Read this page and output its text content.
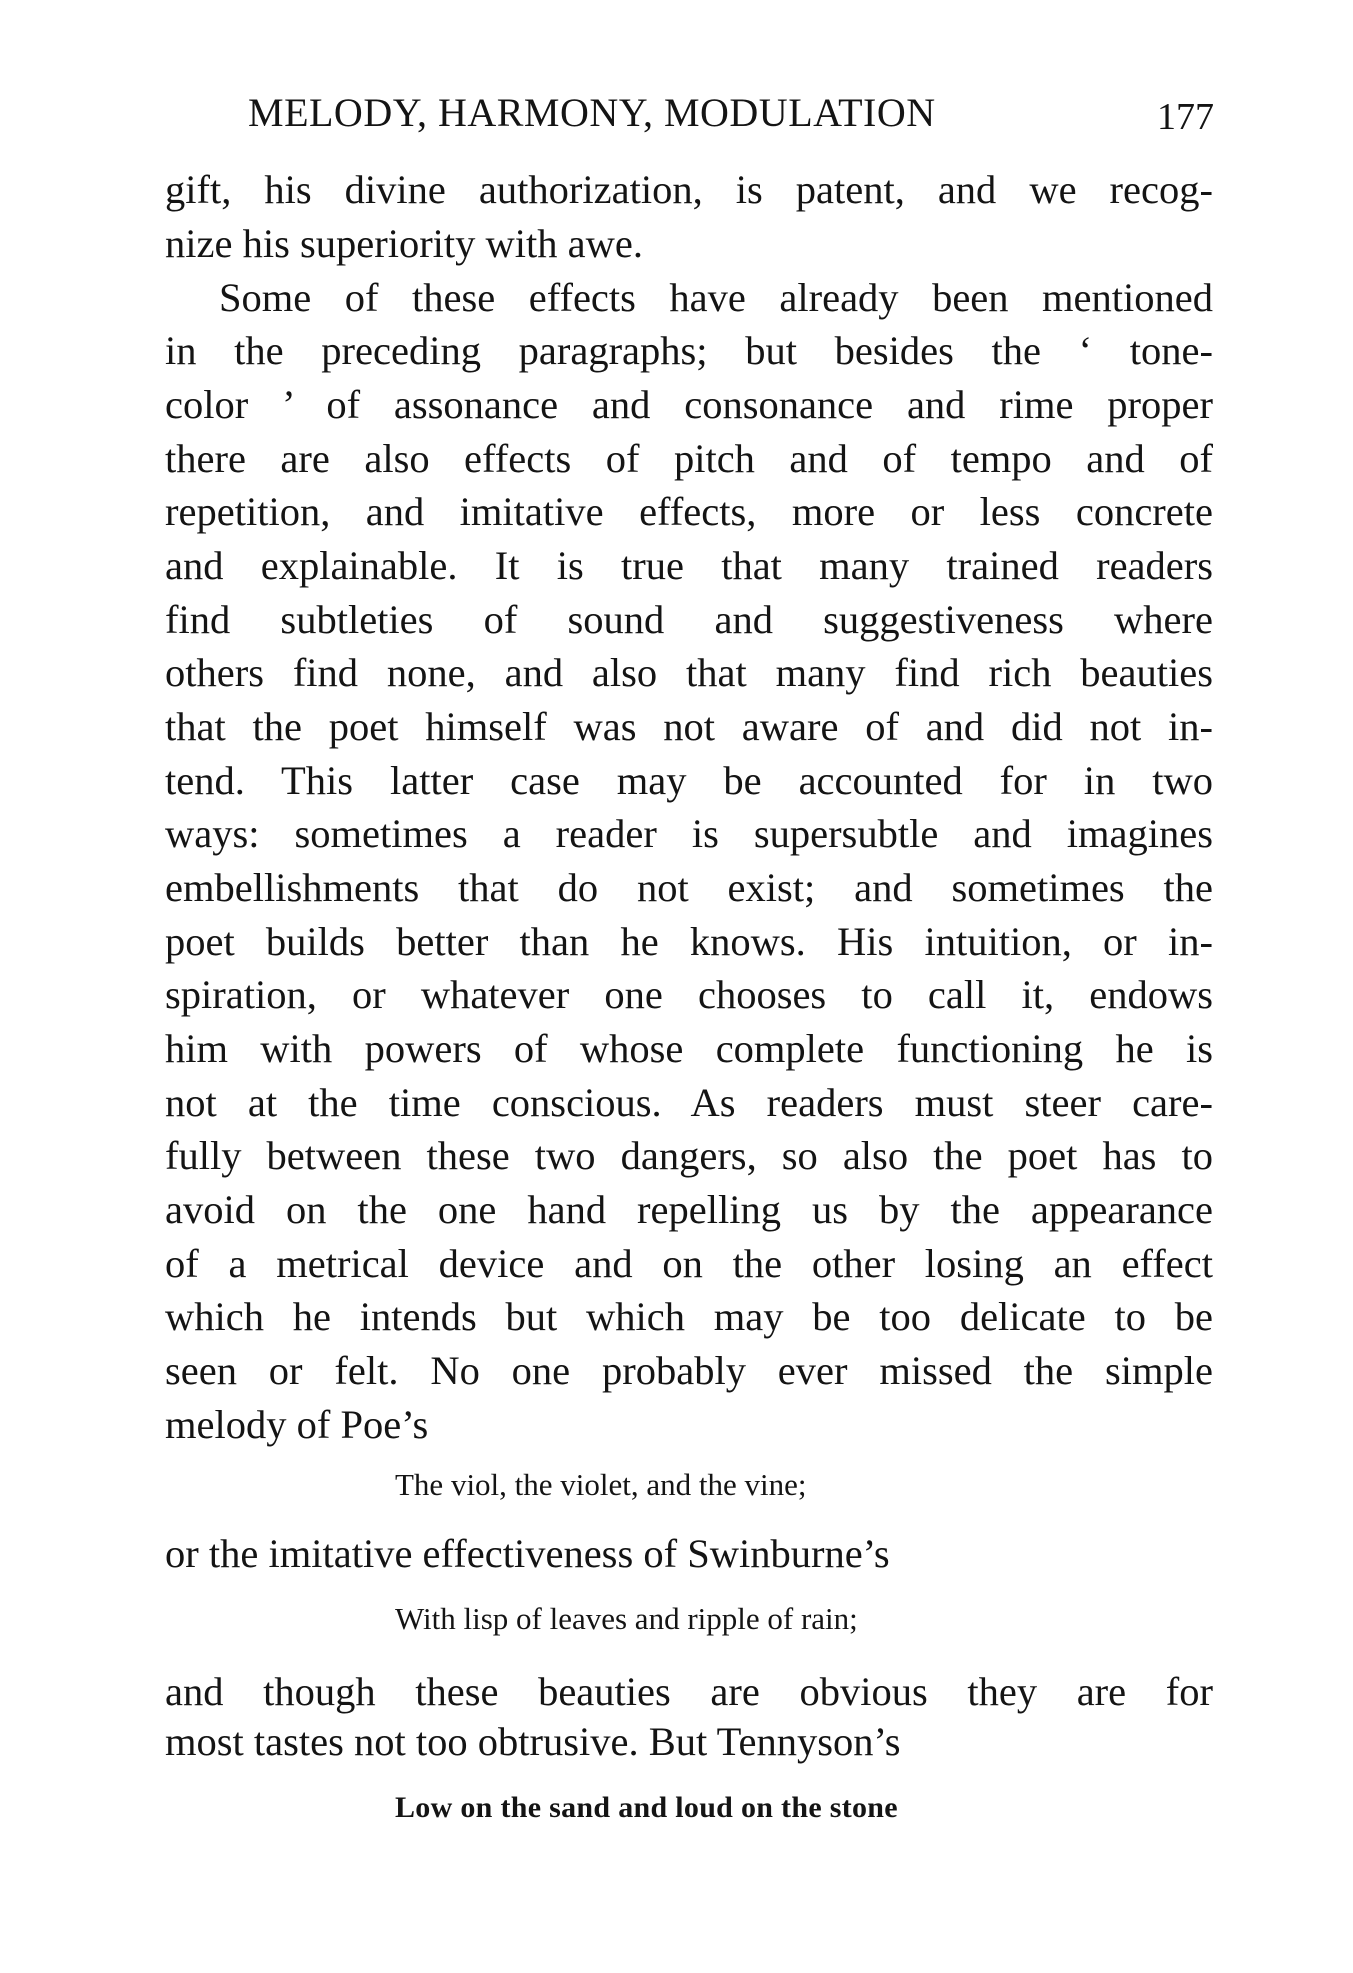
MELODY, HARMONY, MODULATION	177
gift, his divine authorization, is patent, and we recog-
nize his superiority with awe.
Some of these effects have already been mentioned
in the preceding paragraphs; but besides the ‘ tone-
color ’ of assonance and consonance and rime proper
there are also effects of pitch and of tempo and of
repetition, and imitative effects, more or less concrete
and explainable. It is true that many trained readers
find subtleties of sound and suggestiveness where
others find none, and also that many find rich beauties
that the poet himself was not aware of and did not in-
tend. This latter case may be accounted for in two
ways: sometimes a reader is supersubtle and imagines
embellishments that do not exist; and sometimes the
poet builds better than he knows. His intuition, or in-
spiration, or whatever one chooses to call it, endows
him with powers of whose complete functioning he is
not at the time conscious. As readers must steer care-
fully between these two dangers, so also the poet has to
avoid on the one hand repelling us by the appearance
of a metrical device and on the other losing an effect
which he intends but which may be too delicate to be
seen or felt. No one probably ever missed the simple
melody of Poe’s
The viol, the violet, and the vine;
or the imitative effectiveness of Swinburne’s
With lisp of leaves and ripple of rain;
and though these beauties are obvious they are for
most tastes not too obtrusive. But Tennyson’s
Low on the sand and loud on the stone
